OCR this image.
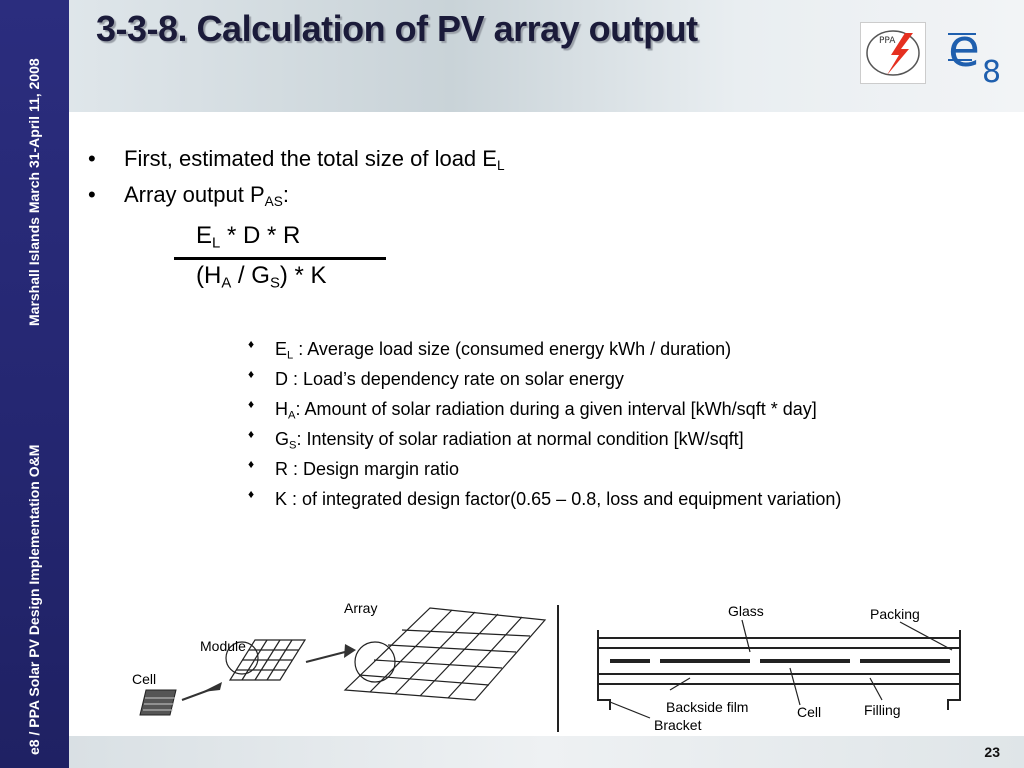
Marshall Islands March 31-April 11, 2008
e8 / PPA Solar PV Design Implementation O&M
3-3-8. Calculation of PV array output	PPA e 8
• First, estimated the total size of load $E_L$
• Array output $P_{AS}$:
$E_L$ * D * R
$(H_A / G_S)$ * K
♦ $E_L$ : Average load size (consumed energy kWh / duration)
♦ D : Load’s dependency rate on solar energy
♦ $H_A$: Amount of solar radiation during a given interval [kWh/sqft * day]
♦ $G_S$: Intensity of solar radiation at normal condition [kW/sqft]
♦ R : Design margin ratio
♦ K : of integrated design factor(0.65 – 0.8, loss and equipment variation)
Array
Module
Cell
Glass	Packing
Backside film
Bracket
Cell	Filling
23
